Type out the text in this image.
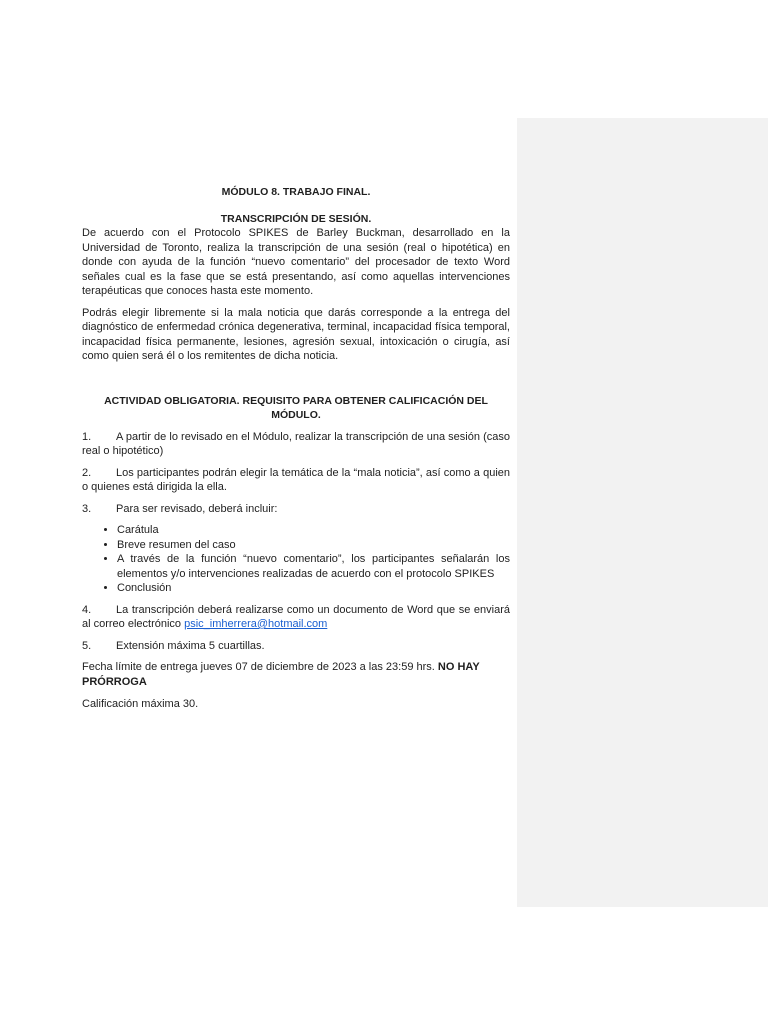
MÓDULO 8. TRABAJO FINAL.

TRANSCRIPCIÓN DE SESIÓN.

De acuerdo con el Protocolo SPIKES de Barley Buckman, desarrollado en la Universidad de Toronto, realiza la transcripción de una sesión (real o hipotética) en donde con ayuda de la función “nuevo comentario” del procesador de texto Word señales cual es la fase que se está presentando, así como aquellas intervenciones terapéuticas que conoces hasta este momento.

Podrás elegir libremente si la mala noticia que darás corresponde a la entrega del diagnóstico de enfermedad crónica degenerativa, terminal, incapacidad física temporal, incapacidad física permanente, lesiones, agresión sexual, intoxicación o cirugía, así como quien será él o los remitentes de dicha noticia.

ACTIVIDAD OBLIGATORIA. REQUISITO PARA OBTENER CALIFICACIÓN DEL MÓDULO.

1. A partir de lo revisado en el Módulo, realizar la transcripción de una sesión (caso real o hipotético)

2. Los participantes podrán elegir la temática de la “mala noticia”, así como a quien o quienes está dirigida la ella.

3. Para ser revisado, deberá incluir:

• Carátula
• Breve resumen del caso
• A través de la función “nuevo comentario”, los participantes señalarán los elementos y/o intervenciones realizadas de acuerdo con el protocolo SPIKES
• Conclusión

4. La transcripción deberá realizarse como un documento de Word que se enviará al correo electrónico psic_imherrera@hotmail.com

5. Extensión máxima 5 cuartillas.

Fecha límite de entrega jueves 07 de diciembre de 2023 a las 23:59 hrs. NO HAY PRÓRROGA

Calificación máxima 30.
